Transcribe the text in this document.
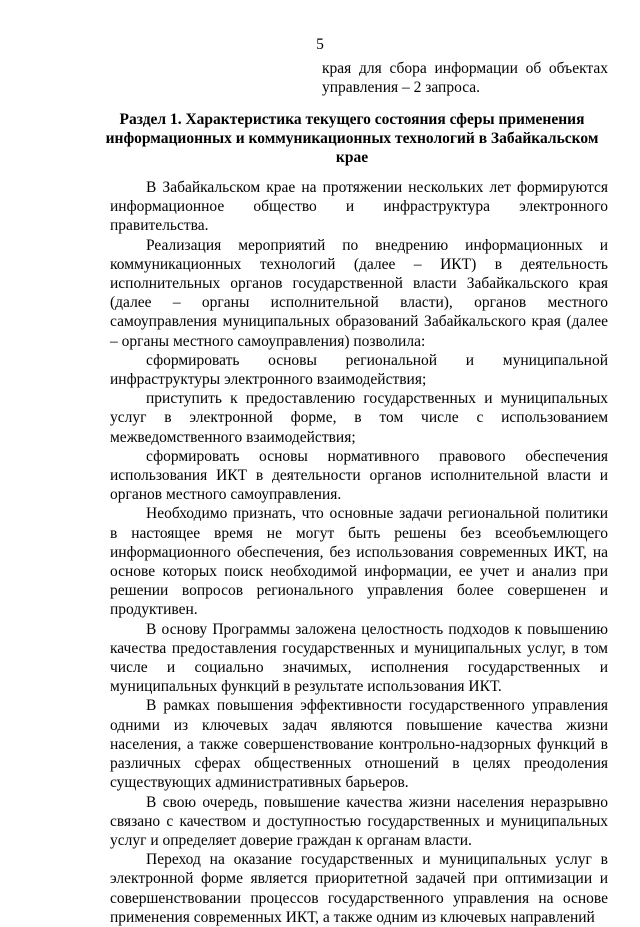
5
края для сбора информации об объектах управления – 2 запроса.
Раздел 1. Характеристика текущего состояния сферы применения информационных и коммуникационных технологий в Забайкальском крае

В Забайкальском крае на протяжении нескольких лет формируются информационное общество и инфраструктура электронного правительства.

Реализация мероприятий по внедрению информационных и коммуникационных технологий (далее – ИКТ) в деятельность исполнительных органов государственной власти Забайкальского края (далее – органы исполнительной власти), органов местного самоуправления муниципальных образований Забайкальского края (далее – органы местного самоуправления) позволила:

сформировать основы региональной и муниципальной инфраструктуры электронного взаимодействия;

приступить к предоставлению государственных и муниципальных услуг в электронной форме, в том числе с использованием межведомственного взаимодействия;

сформировать основы нормативного правового обеспечения использования ИКТ в деятельности органов исполнительной власти и органов местного самоуправления.

Необходимо признать, что основные задачи региональной политики в настоящее время не могут быть решены без всеобъемлющего информационного обеспечения, без использования современных ИКТ, на основе которых поиск необходимой информации, ее учет и анализ при решении вопросов регионального управления более совершенен и продуктивен.

В основу Программы заложена целостность подходов к повышению качества предоставления государственных и муниципальных услуг, в том числе и социально значимых, исполнения государственных и муниципальных функций в результате использования ИКТ.

В рамках повышения эффективности государственного управления одними из ключевых задач являются повышение качества жизни населения, а также совершенствование контрольно-надзорных функций в различных сферах общественных отношений в целях преодоления существующих административных барьеров.

В свою очередь, повышение качества жизни населения неразрывно связано с качеством и доступностью государственных и муниципальных услуг и определяет доверие граждан к органам власти.

Переход на оказание государственных и муниципальных услуг в электронной форме является приоритетной задачей при оптимизации и совершенствовании процессов государственного управления на основе применения современных ИКТ, а также одним из ключевых направлений
